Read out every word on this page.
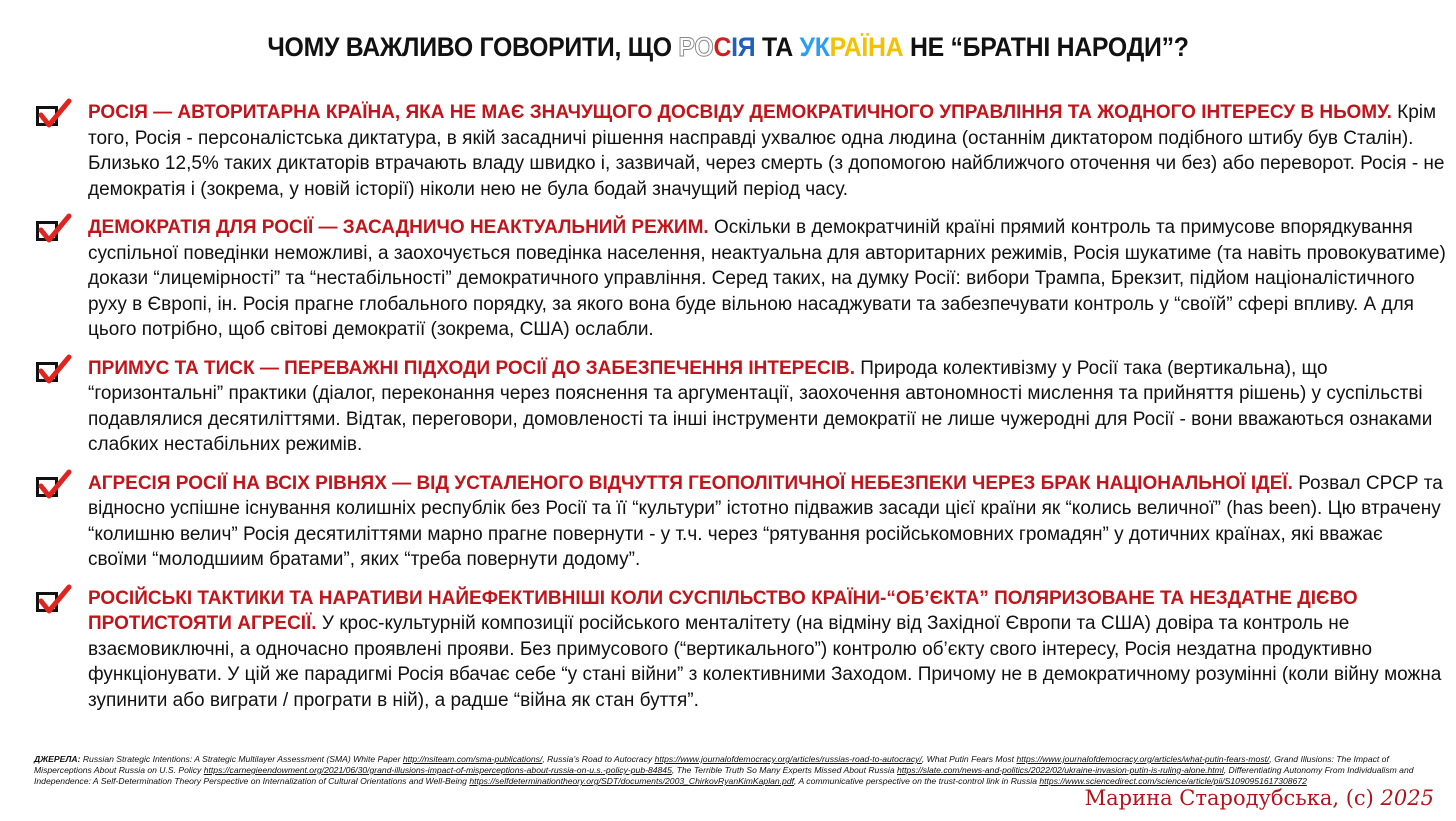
ЧОМУ ВАЖЛИВО ГОВОРИТИ, ЩО РОСІЯ ТА УКРАЇНА НЕ “БРАТНІ НАРОДИ”?
РОСІЯ — АВТОРИТАРНА КРАЇНА, ЯКА НЕ МАЄ ЗНАЧУЩОГО ДОСВІДУ ДЕМОКРАТИЧНОГО УПРАВЛІННЯ ТА ЖОДНОГО ІНТЕРЕСУ В НЬОМУ. Крім того, Росія - персоналістська диктатура, в якій засадничі рішення насправді ухвалює одна людина (останнім диктатором подібного штибу був Сталін). Близько 12,5% таких диктаторів втрачають владу швидко і, зазвичай, через смерть (з допомогою найближчого оточення чи без) або переворот. Росія - не демократія і (зокрема, у новій історії) ніколи нею не була бодай значущий період часу.
ДЕМОКРАТІЯ ДЛЯ РОСІЇ — ЗАСАДНИЧО НЕАКТУАЛЬНИЙ РЕЖИМ. Оскільки в демократчиній країні прямий контроль та примусове впорядкування суспільної поведінки неможливі, а заохочується поведінка населення, неактуальна для авторитарних режимів, Росія шукатиме (та навіть провокуватиме) докази “лицемірності” та “нестабільності” демократичного управління. Серед таких, на думку Росії: вибори Трампа, Брекзит, підйом націоналістичного руху в Європі, ін. Росія прагне глобального порядку, за якого вона буде вільною насаджувати та забезпечувати контроль у “своїй” сфері впливу. А для цього потрібно, щоб світові демократії (зокрема, США) ослабли.
ПРИМУС ТА ТИСК — ПЕРЕВАЖНІ ПІДХОДИ РОСІЇ ДО ЗАБЕЗПЕЧЕННЯ ІНТЕРЕСІВ. Природа колективізму у Росії така (вертикальна), що “горизонтальні” практики (діалог, переконання через пояснення та аргументації, заохочення автономності мислення та прийняття рішень) у суспільстві подавлялися десятиліттями. Відтак, переговори, домовленості та інші інструменти демократії не лише чужеродні для Росії - вони вважаються ознаками слабких нестабільних режимів.
АГРЕСІЯ РОСІЇ НА ВСІХ РІВНЯХ — ВІД УСТАЛЕНОГО ВІДЧУТТЯ ГЕОПОЛІТИЧНОЇ НЕБЕЗПЕКИ ЧЕРЕЗ БРАК НАЦІОНАЛЬНОЇ ІДЕЇ. Розвал СРСР та відносно успішне існування колишніх республік без Росії та її “культури” істотно підважив засади цієї країни як “колись величної” (has been). Цю втрачену “колишню велич” Росія десятиліттями марно прагне повернути - у т.ч. через “рятування російськомовних громадян” у дотичних країнах, які вважає своїми “молодшиим братами”, яких “треба повернути додому”.
РОСІЙСЬКІ ТАКТИКИ ТА НАРАТИВИ НАЙЕФЕКТИВНІШІ КОЛИ СУСПІЛЬСТВО КРАЇНИ-“ОБ’ЄКТА” ПОЛЯРИЗОВАНЕ ТА НЕЗДАТНЕ ДІЄВО ПРОТИСТОЯТИ АГРЕСІЇ. У крос-культурній композиції російського менталітету (на відміну від Західної Європи та США) довіра та контроль не взаємовиключні, а одночасно проявлені прояви. Без примусового (“вертикального”) контролю об’єкту свого інтересу, Росія нездатна продуктивно функціонувати. У цій же парадигмі Росія вбачає себе “у стані війни” з колективними Заходом. Причому не в демократичному розумінні (коли війну можна зупинити або виграти / програти в ній), а радше “війна як стан буття”.
ДЖЕРЕЛА: Russian Strategic Intentions: A Strategic Multilayer Assessment (SMA) White Paper http://nsiteam.com/sma-publications/, Russia’s Road to Autocracy https://www.journalofdemocracy.org/articles/russias-road-to-autocracy/, What Putin Fears Most https://www.journalofdemocracy.org/articles/what-putin-fears-most/, Grand Illusions: The Impact of Misperceptions About Russia on U.S. Policy https://carnegieendowment.org/2021/06/30/grand-illusions-impact-of-misperceptions-about-russia-on-u.s.-policy-pub-84845, The Terrible Truth So Many Experts Missed About Russia https://slate.com/news-and-politics/2022/02/ukraine-invasion-putin-is-ruling-alone.html, Differentiating Autonomy From Individualism and Independence: A Self-Determination Theory Perspective on Internalization of Cultural Orientations and Well-Being https://selfdeterminationtheory.org/SDT/documents/2003_ChirkovRyanKimKaplan.pdf, A communicative perspective on the trust-control link in Russia https://www.sciencedirect.com/science/article/pii/S1090951617308672
Марина Стародубська, (с) 2025
